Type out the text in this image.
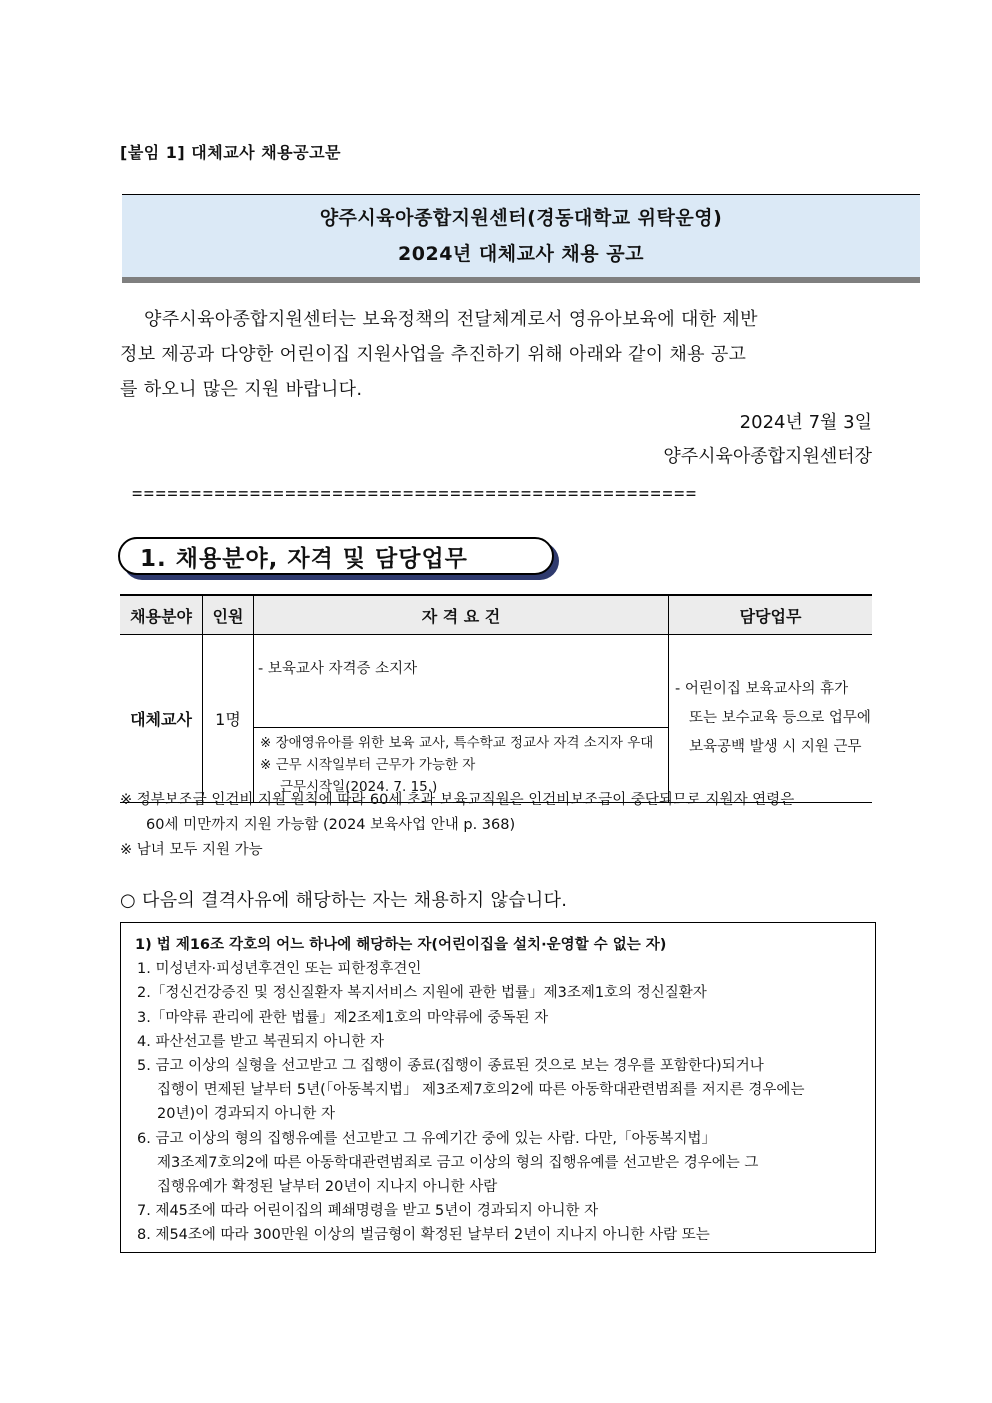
[붙임 1] 대체교사 채용공고문
양주시육아종합지원센터(경동대학교 위탁운영)
2024년 대체교사 채용 공고
양주시육아종합지원센터는 보육정책의 전달체계로서 영유아보육에 대한 제반
정보 제공과 다양한 어린이집 지원사업을 추진하기 위해 아래와 같이 채용 공고
를 하오니 많은 지원 바랍니다.
2024년 7월 3일
양주시육아종합지원센터장
================================================
1. 채용분야, 자격 및 담당업무
채용분야	인원	자 격 요 건	담당업무
대체교사	1명	- 보육교사 자격증 소지자	- 어린이집 보육교사의 휴가
또는 보수교육 등으로 업무에
보육공백 발생 시 지원 근무

		※ 장애영유아를 위한 보육 교사, 특수학교 정교사 자격 소지자 우대
※ 근무 시작일부터 근무가 가능한 자
근무시작일(2024. 7. 15.)	
※ 정부보조금 인건비 지원 원칙에 따라 60세 초과 보육교직원은 인건비보조금이 중단되므로 지원자 연령은
60세 미만까지 지원 가능함 (2024 보육사업 안내 p. 368)
※ 남녀 모두 지원 가능
○ 다음의 결격사유에 해당하는 자는 채용하지 않습니다.
1) 법 제16조 각호의 어느 하나에 해당하는 자(어린이집을 설치·운영할 수 없는 자)
1. 미성년자·피성년후견인 또는 피한정후견인
2.「정신건강증진 및 정신질환자 복지서비스 지원에 관한 법률」제3조제1호의 정신질환자
3.「마약류 관리에 관한 법률」제2조제1호의 마약류에 중독된 자
4. 파산선고를 받고 복권되지 아니한 자
5. 금고 이상의 실형을 선고받고 그 집행이 종료(집행이 종료된 것으로 보는 경우를 포함한다)되거나
집행이 면제된 날부터 5년(「아동복지법」 제3조제7호의2에 따른 아동학대관련범죄를 저지른 경우에는
20년)이 경과되지 아니한 자
6. 금고 이상의 형의 집행유예를 선고받고 그 유예기간 중에 있는 사람. 다만,「아동복지법」
제3조제7호의2에 따른 아동학대관련범죄로 금고 이상의 형의 집행유예를 선고받은 경우에는 그
집행유예가 확정된 날부터 20년이 지나지 아니한 사람
7. 제45조에 따라 어린이집의 폐쇄명령을 받고 5년이 경과되지 아니한 자
8. 제54조에 따라 300만원 이상의 벌금형이 확정된 날부터 2년이 지나지 아니한 사람 또는
